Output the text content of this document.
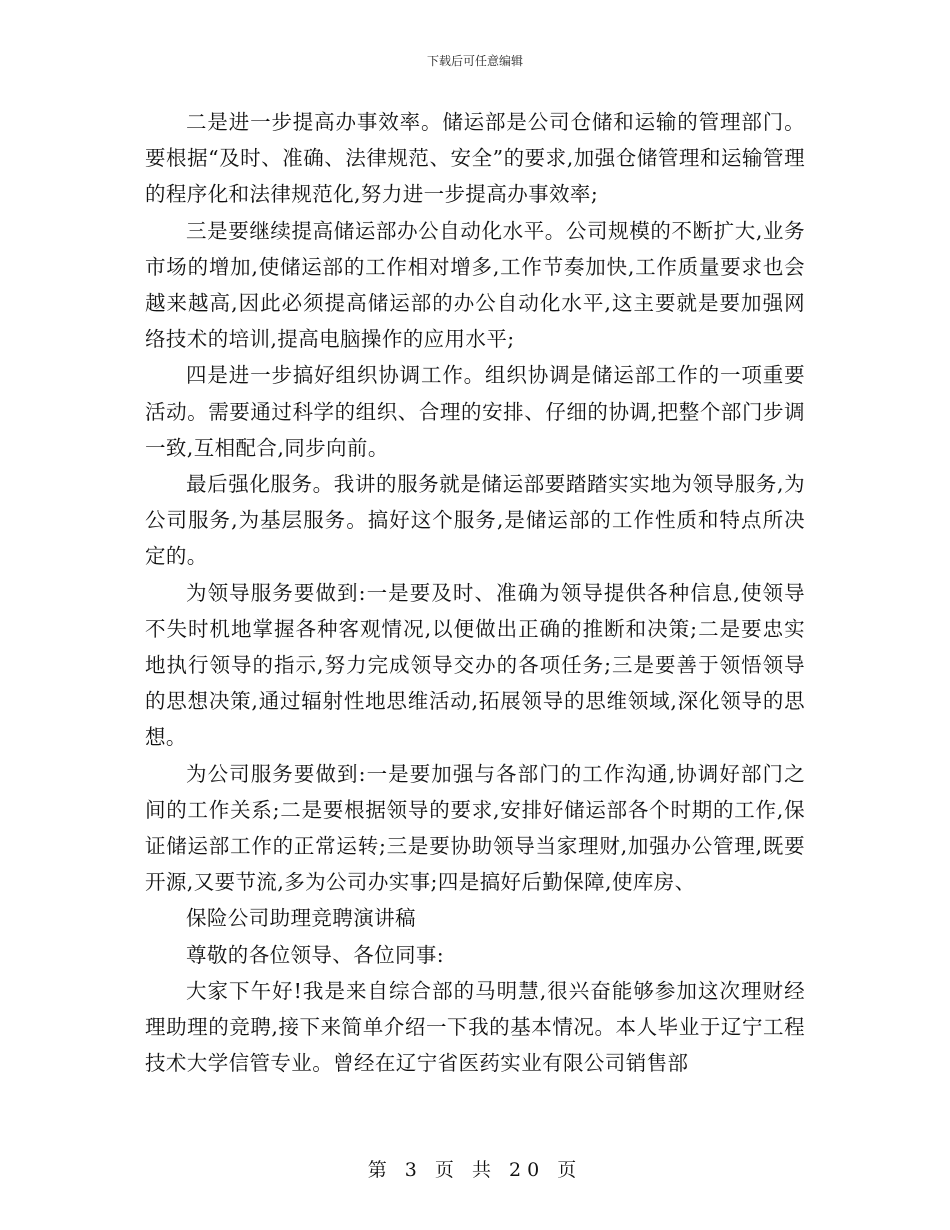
下载后可任意编辑

二是进一步提高办事效率。储运部是公司仓储和运输的管理部门。要根据“及时、准确、法律规范、安全”的要求,加强仓储管理和运输管理的程序化和法律规范化,努力进一步提高办事效率;

三是要继续提高储运部办公自动化水平。公司规模的不断扩大,业务市场的增加,使储运部的工作相对增多,工作节奏加快,工作质量要求也会越来越高,因此必须提高储运部的办公自动化水平,这主要就是要加强网络技术的培训,提高电脑操作的应用水平;

四是进一步搞好组织协调工作。组织协调是储运部工作的一项重要活动。需要通过科学的组织、合理的安排、仔细的协调,把整个部门步调一致,互相配合,同步向前。

最后强化服务。我讲的服务就是储运部要踏踏实实地为领导服务,为公司服务,为基层服务。搞好这个服务,是储运部的工作性质和特点所决定的。

为领导服务要做到:一是要及时、准确为领导提供各种信息,使领导不失时机地掌握各种客观情况,以便做出正确的推断和决策;二是要忠实地执行领导的指示,努力完成领导交办的各项任务;三是要善于领悟领导的思想决策,通过辐射性地思维活动,拓展领导的思维领域,深化领导的思想。

为公司服务要做到:一是要加强与各部门的工作沟通,协调好部门之间的工作关系;二是要根据领导的要求,安排好储运部各个时期的工作,保证储运部工作的正常运转;三是要协助领导当家理财,加强办公管理,既要开源,又要节流,多为公司办实事;四是搞好后勤保障,使库房、

保险公司助理竞聘演讲稿

尊敬的各位领导、各位同事:

大家下午好!我是来自综合部的马明慧,很兴奋能够参加这次理财经理助理的竞聘,接下来简单介绍一下我的基本情况。本人毕业于辽宁工程技术大学信管专业。曾经在辽宁省医药实业有限公司销售部

第 3 页 共 20 页
